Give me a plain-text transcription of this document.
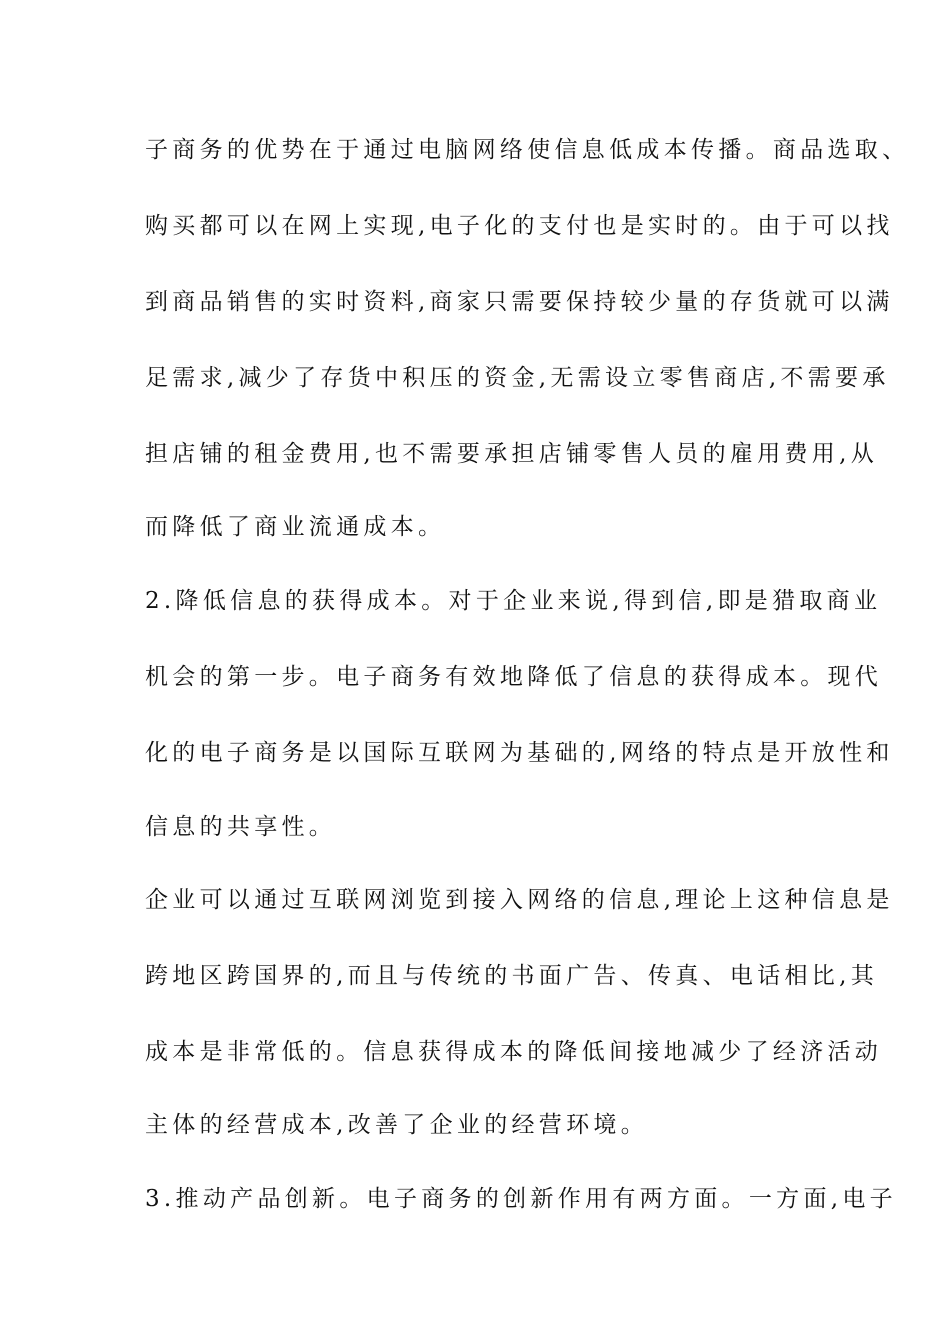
子商务的优势在于通过电脑网络使信息低成本传播。商品选取、
购买都可以在网上实现,电子化的支付也是实时的。由于可以找
到商品销售的实时资料,商家只需要保持较少量的存货就可以满
足需求,减少了存货中积压的资金,无需设立零售商店,不需要承
担店铺的租金费用,也不需要承担店铺零售人员的雇用费用,从
而降低了商业流通成本。
2.降低信息的获得成本。对于企业来说,得到信,即是猎取商业
机会的第一步。电子商务有效地降低了信息的获得成本。现代
化的电子商务是以国际互联网为基础的,网络的特点是开放性和
信息的共享性。
企业可以通过互联网浏览到接入网络的信息,理论上这种信息是
跨地区跨国界的,而且与传统的书面广告、传真、电话相比,其
成本是非常低的。信息获得成本的降低间接地减少了经济活动
主体的经营成本,改善了企业的经营环境。
3.推动产品创新。电子商务的创新作用有两方面。一方面,电子
